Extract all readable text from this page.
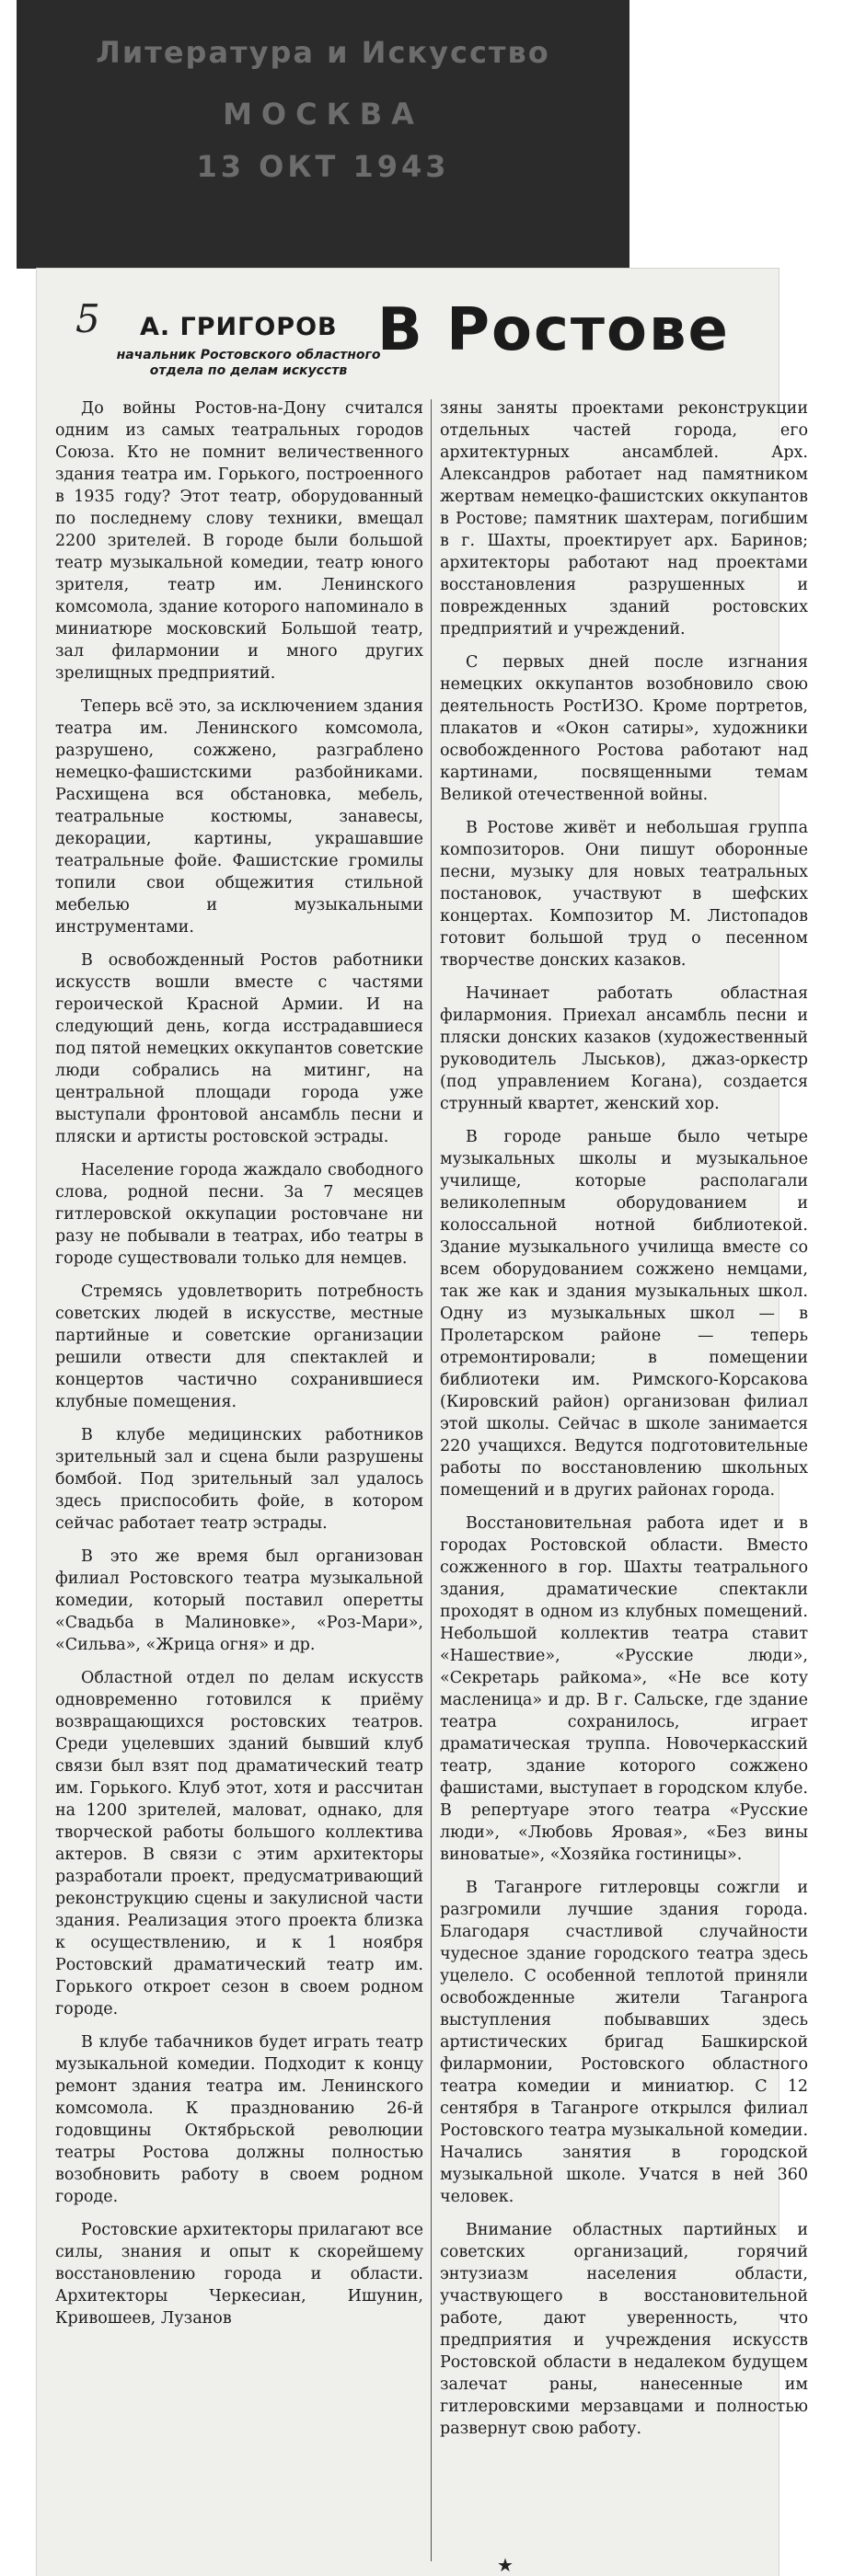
Литература и Искусство
МОСКВА
13 ОКТ 1943
5 А. ГРИГОРОВ
начальник Ростовского областного отдела по делам искусств
В Ростове

До войны Ростов-на-Дону считался одним из самых театральных городов Союза. Кто не помнит величественного здания театра им. Горького, построенного в 1935 году? Этот театр, оборудованный по последнему слову техники, вмещал 2200 зрителей. В городе были большой театр музыкальной комедии, театр юного зрителя, театр им. Ленинского комсомола, здание которого напоминало в миниатюре московский Большой театр, зал филармонии и много других зрелищных предприятий.

Теперь всё это, за исключением здания театра им. Ленинского комсомола, разрушено, сожжено, разграблено немецко-фашистскими разбойниками. Расхищена вся обстановка, мебель, театральные костюмы, занавесы, декорации, картины, украшавшие театральные фойе. Фашистские громилы топили свои общежития стильной мебелью и музыкальными инструментами.

В освобожденный Ростов работники искусств вошли вместе с частями героической Красной Армии. И на следующий день, когда исстрадавшиеся под пятой немецких оккупантов советские люди собрались на митинг, на центральной площади города уже выступали фронтовой ансамбль песни и пляски и артисты ростовской эстрады.

Население города жаждало свободного слова, родной песни. За 7 месяцев гитлеровской оккупации ростовчане ни разу не побывали в театрах, ибо театры в городе существовали только для немцев.

Стремясь удовлетворить потребность советских людей в искусстве, местные партийные и советские организации решили отвести для спектаклей и концертов частично сохранившиеся клубные помещения.

В клубе медицинских работников зрительный зал и сцена были разрушены бомбой. Под зрительный зал удалось здесь приспособить фойе, в котором сейчас работает театр эстрады.

В это же время был организован филиал Ростовского театра музыкальной комедии, который поставил оперетты «Свадьба в Малиновке», «Роз-Мари», «Сильва», «Жрица огня» и др.

Областной отдел по делам искусств одновременно готовился к приёму возвращающихся ростовских театров. Среди уцелевших зданий бывший клуб связи был взят под драматический театр им. Горького. Клуб этот, хотя и рассчитан на 1200 зрителей, маловат, однако, для творческой работы большого коллектива актеров. В связи с этим архитекторы разработали проект, предусматривающий реконструкцию сцены и закулисной части здания. Реализация этого проекта близка к осуществлению, и к 1 ноября Ростовский драматический театр им. Горького откроет сезон в своем родном городе.

В клубе табачников будет играть театр музыкальной комедии. Подходит к концу ремонт здания театра им. Ленинского комсомола. К празднованию 26-й годовщины Октябрьской революции театры Ростова должны полностью возобновить работу в своем родном городе.

Ростовские архитекторы прилагают все силы, знания и опыт к скорейшему восстановлению города и области. Архитекторы Черкесиан, Ишунин, Кривошеев, Лузанов

зяны заняты проектами реконструкции отдельных частей города, его архитектурных ансамблей. Арх. Александров работает над памятником жертвам немецко-фашистских оккупантов в Ростове; памятник шахтерам, погибшим в г. Шахты, проектирует арх. Баринов; архитекторы работают над проектами восстановления разрушенных и поврежденных зданий ростовских предприятий и учреждений.

С первых дней после изгнания немецких оккупантов возобновило свою деятельность РостИЗО. Кроме портретов, плакатов и «Окон сатиры», художники освобожденного Ростова работают над картинами, посвященными темам Великой отечественной войны.

В Ростове живёт и небольшая группа композиторов. Они пишут оборонные песни, музыку для новых театральных постановок, участвуют в шефских концертах. Композитор М. Листопадов готовит большой труд о песенном творчестве донских казаков.

Начинает работать областная филармония. Приехал ансамбль песни и пляски донских казаков (художественный руководитель Лыськов), джаз-оркестр (под управлением Когана), создается струнный квартет, женский хор.

В городе раньше было четыре музыкальных школы и музыкальное училище, которые располагали великолепным оборудованием и колоссальной нотной библиотекой. Здание музыкального училища вместе со всем оборудованием сожжено немцами, так же как и здания музыкальных школ. Одну из музыкальных школ — в Пролетарском районе — теперь отремонтировали; в помещении библиотеки им. Римского-Корсакова (Кировский район) организован филиал этой школы. Сейчас в школе занимается 220 учащихся. Ведутся подготовительные работы по восстановлению школьных помещений и в других районах города.

Восстановительная работа идет и в городах Ростовской области. Вместо сожженного в гор. Шахты театрального здания, драматические спектакли проходят в одном из клубных помещений. Небольшой коллектив театра ставит «Нашествие», «Русские люди», «Секретарь райкома», «Не все коту масленица» и др. В г. Сальске, где здание театра сохранилось, играет драматическая труппа. Новочеркасский театр, здание которого сожжено фашистами, выступает в городском клубе. В репертуаре этого театра «Русские люди», «Любовь Яровая», «Без вины виноватые», «Хозяйка гостиницы».

В Таганроге гитлеровцы сожгли и разгромили лучшие здания города. Благодаря счастливой случайности чудесное здание городского театра здесь уцелело. С особенной теплотой приняли освобожденные жители Таганрога выступления побывавших здесь артистических бригад Башкирской филармонии, Ростовского областного театра комедии и миниатюр. С 12 сентября в Таганроге открылся филиал Ростовского театра музыкальной комедии. Начались занятия в городской музыкальной школе. Учатся в ней 360 человек.

Внимание областных партийных и советских организаций, горячий энтузиазм населения области, участвующего в восстановительной работе, дают уверенность, что предприятия и учреждения искусств Ростовской области в недалеком будущем залечат раны, нанесенные им гитлеровскими мерзавцами и полностью развернут свою работу.

★
